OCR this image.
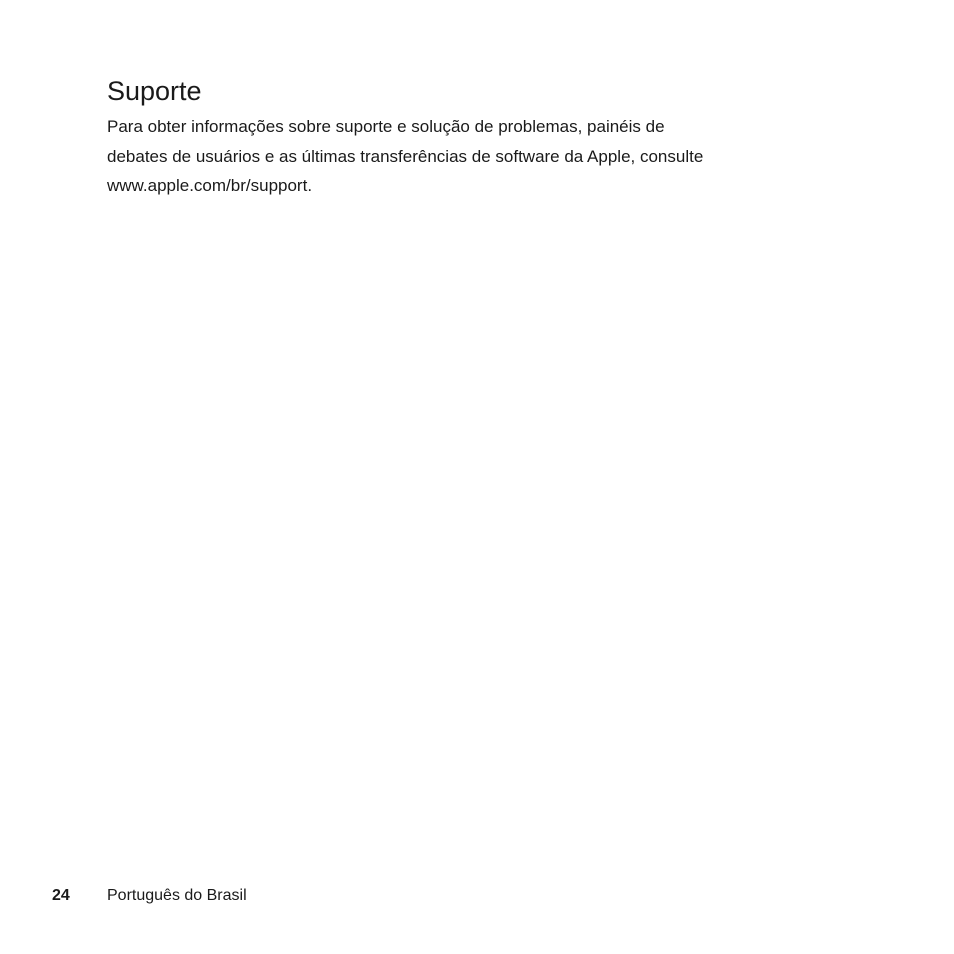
Suporte

Para obter informações sobre suporte e solução de problemas, painéis de
debates de usuários e as últimas transferências de software da Apple, consulte
www.apple.com/br/support.

24 Português do Brasil
